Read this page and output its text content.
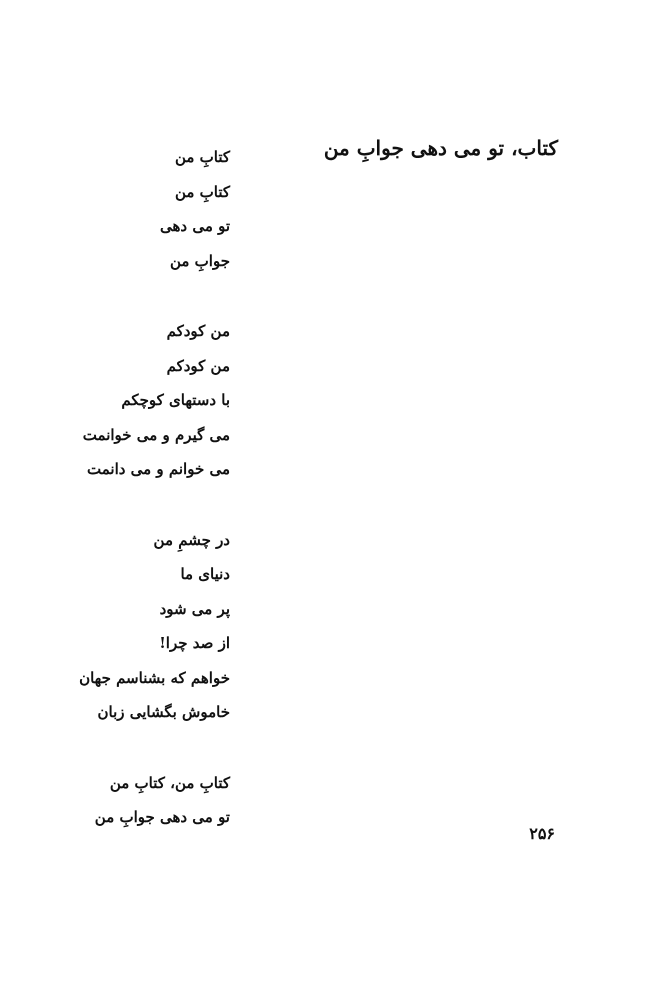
کتاب، تو می دهی جوابِ من
کتابِ من
کتابِ من
تو می دهی
جوابِ من
من کودکم
من کودکم
با دستهای کوچکم
می گیرم و می خوانمت
می خوانم و می دانمت
در چشمِ من
دنیای ما
پر می شود
از صد چرا!
خواهم که بشناسم جهان
خاموش بگشایی زبان
کتابِ من، کتابِ من
تو می دهی جوابِ من
۲۵۶
